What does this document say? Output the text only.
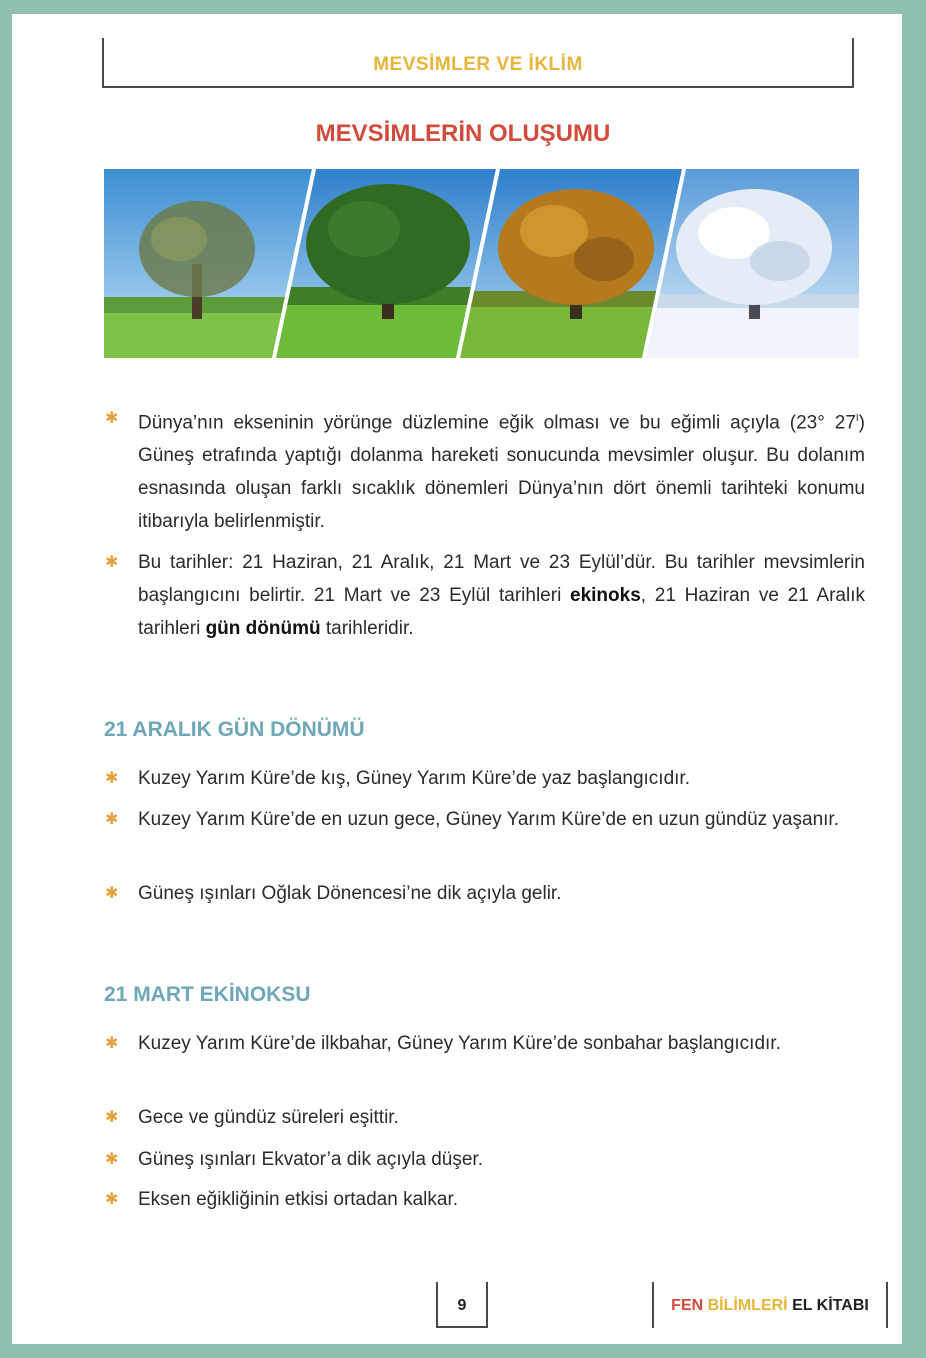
MEVSİMLER VE İKLİM
MEVSİMLERİN OLUŞUMU
✱ Dünya’nın ekseninin yörünge düzlemine eğik olması ve bu eğimli açıyla (23° $27^I$) Güneş etrafında yaptığı dolanma hareketi sonucunda mevsimler oluşur. Bu dolanım esnasında oluşan farklı sıcaklık dönemleri Dünya’nın dört önemli tarihteki konumu itibarıyla belirlenmiştir.
✱ Bu tarihler: 21 Haziran, 21 Aralık, 21 Mart ve 23 Eylül’dür. Bu tarihler mevsimlerin başlangıcını belirtir. 21 Mart ve 23 Eylül tarihleri ekinoks, 21 Haziran ve 21 Aralık tarihleri gün dönümü tarihleridir.
21 ARALIK GÜN DÖNÜMÜ
✱ Kuzey Yarım Küre’de kış, Güney Yarım Küre’de yaz başlangıcıdır.
✱ Kuzey Yarım Küre’de en uzun gece, Güney Yarım Küre’de en uzun gündüz yaşanır.
✱ Güneş ışınları Oğlak Dönencesi’ne dik açıyla gelir.
21 MART EKİNOKSU
✱ Kuzey Yarım Küre’de ilkbahar, Güney Yarım Küre’de sonbahar başlangıcıdır.
✱ Gece ve gündüz süreleri eşittir.
✱ Güneş ışınları Ekvator’a dik açıyla düşer.
✱ Eksen eğikliğinin etkisi ortadan kalkar.
9	FEN BİLİMLERİ EL KİTABI
